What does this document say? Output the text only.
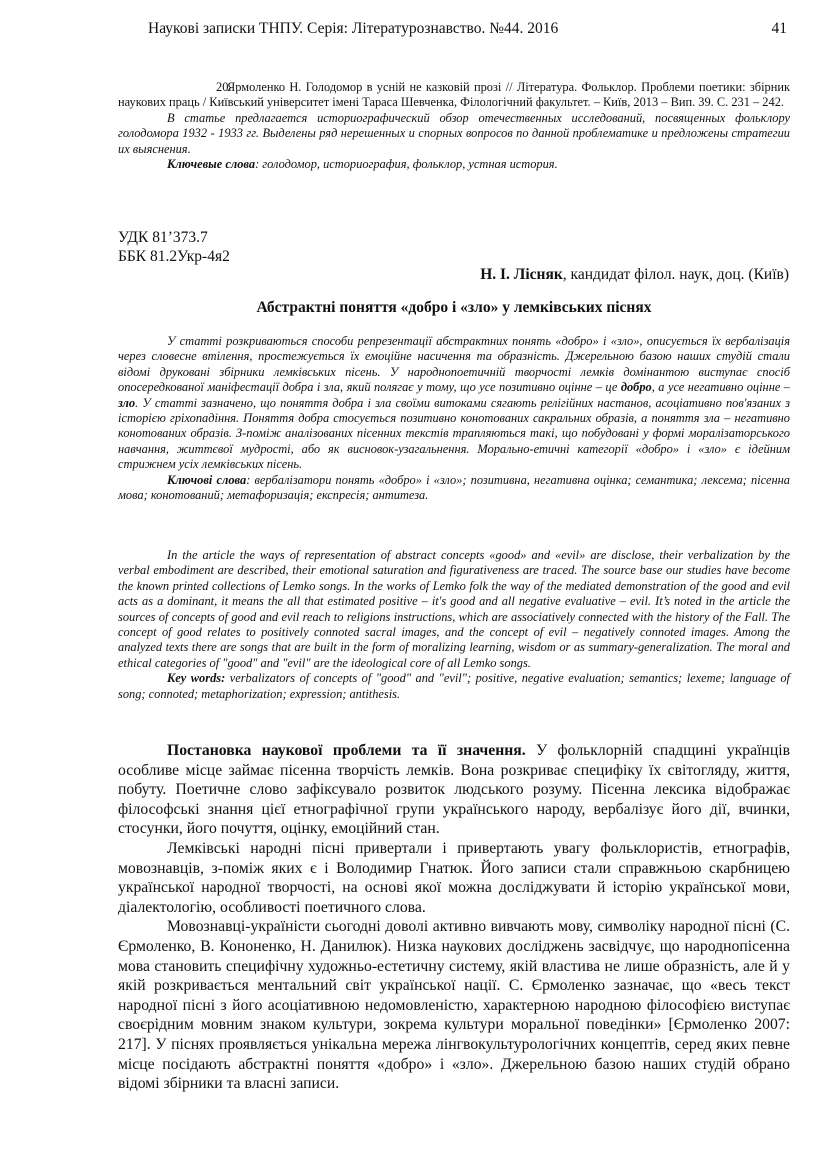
Наукові записки ТНПУ. Серія: Літературознавство. №44. 2016	41

20.Ярмоленко Н. Голодомор в усній не казковій прозі // Література. Фольклор. Проблеми поетики: збірник наукових праць / Київський університет імені Тараса Шевченка, Філологічний факультет. – Київ, 2013 – Вип. 39. С. 231 – 242.

В статье предлагается историографический обзор отечественных исследований, посвященных фольклору голодомора 1932 - 1933 гг. Выделены ряд нерешенных и спорных вопросов по данной проблематике и предложены стратегии их выяснения.

Ключевые слова: голодомор, историография, фольклор, устная история.

УДК 81’373.7
ББК 81.2Укр-4я2
Н. І. Лісняк, кандидат філол. наук, доц. (Київ)
Абстрактні поняття «добро і «зло» у лемківських піснях

У статті розкриваються способи репрезентації абстрактних понять «добро» і «зло», описується їх вербалізація через словесне втілення, простежується їх емоційне насичення та образність. Джерельною базою наших студій стали відомі друковані збірники лемківських пісень. У народнопоетичній творчості лемків домінантою виступає спосіб опосередкованої маніфестації добра і зла, який полягає у тому, що усе позитивно оцінне – це добро, а усе негативно оцінне – зло. У статті зазначено, що поняття добра і зла своїми витоками сягають релігійних настанов, асоціативно пов'язаних з історією гріхопадіння. Поняття добра стосується позитивно конотованих сакральних образів, а поняття зла – негативно конотованих образів. З-поміж аналізованих пісенних текстів трапляються такі, що побудовані у формі моралізаторського навчання, життєвої мудрості, або як висновок-узагальнення. Морально-етичні категорії «добро» і «зло» є ідейним стрижнем усіх лемківських пісень.

Ключові слова: вербалізатори понять «добро» і «зло»; позитивна, негативна оцінка; семантика; лексема; пісенна мова; конотований; метафоризація; експресія; антитеза.

In the article the ways of representation of abstract concepts «good» and «evil» are disclose, their verbalization by the verbal embodiment are described, their emotional saturation and figurativeness are traced. The source base our studies have become the known printed collections of Lemko songs. In the works of Lemko folk the way of the mediated demonstration of the good and evil acts as a dominant, it means the all that estimated positive – it's good and all negative evaluative – evil. It’s noted in the article the sources of concepts of good and evil reach to religions instructions, which are associatively connected with the history of the Fall. The concept of good relates to positively connoted sacral images, and the concept of evil – negatively connoted images. Among the analyzed texts there are songs that are built in the form of moralizing learning, wisdom or as summary-generalization. The moral and ethical categories of "good" and "evil" are the ideological core of all Lemko songs.

Key words: verbalizators of concepts of "good" and "evil"; positive, negative evaluation; semantics; lexeme; language of song; connoted; metaphorization; expression; antithesis.

Постановка наукової проблеми та її значення. У фольклорній спадщині українців особливе місце займає пісенна творчість лемків. Вона розкриває специфіку їх світогляду, життя, побуту. Поетичне слово зафіксувало розвиток людського розуму. Пісенна лексика відображає філософські знання цієї етнографічної групи українського народу, вербалізує його дії, вчинки, стосунки, його почуття, оцінку, емоційний стан.

Лемківські народні пісні привертали і привертають увагу фольклористів, етнографів, мовознавців, з-поміж яких є і Володимир Гнатюк. Його записи стали справжньою скарбницею української народної творчості, на основі якої можна досліджувати й історію української мови, діалектологію, особливості поетичного слова.

Мовознавці-україністи сьогодні доволі активно вивчають мову, символіку народної пісні (С. Єрмоленко, В. Кононенко, Н. Данилюк). Низка наукових досліджень засвідчує, що народнопісенна мова становить специфічну художньо-естетичну систему, якій властива не лише образність, але й у якій розкривається ментальний світ української нації. С. Єрмоленко зазначає, що «весь текст народної пісні з його асоціативною недомовленістю, характерною народною філософією виступає своєрідним мовним знаком культури, зокрема культури моральної поведінки» [Єрмоленко 2007: 217]. У піснях проявляється унікальна мережа лінгвокультурологічних концептів, серед яких певне місце посідають абстрактні поняття «добро» і «зло». Джерельною базою наших студій обрано відомі збірники та власні записи.
